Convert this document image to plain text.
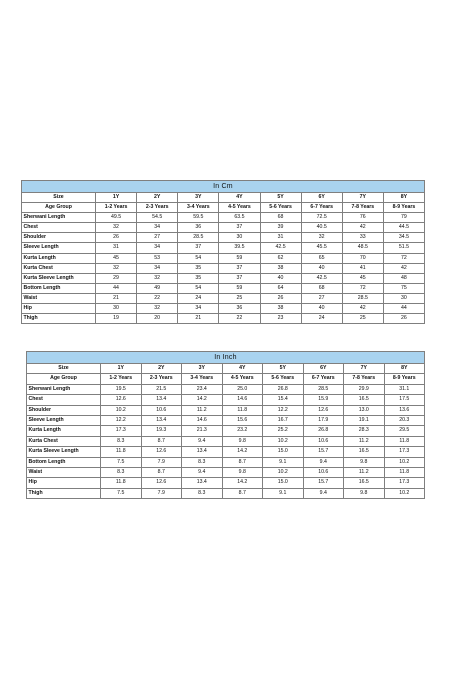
In Cm								
Size	1Y	2Y	3Y	4Y	5Y	6Y	7Y	8Y
Age Group	1-2 Years	2-3 Years	3-4 Years	4-5 Years	5-6 Years	6-7 Years	7-8 Years	8-9 Years
Sherwani Length	49.5	54.5	59.5	63.5	68	72.5	76	79
Chest	32	34	36	37	39	40.5	42	44.5
Shoulder	26	27	28.5	30	31	32	33	34.5
Sleeve Length	31	34	37	39.5	42.5	45.5	48.5	51.5
Kurta Length	45	53	54	59	62	65	70	72
Kurta Chest	32	34	35	37	38	40	41	42
Kurta Sleeve Length	29	32	35	37	40	42.5	45	48
Bottom Length	44	49	54	59	64	68	72	75
Waist	21	22	24	25	26	27	28.5	30
Hip	30	32	34	36	38	40	42	44
Thigh	19	20	21	22	23	24	25	26
In Inch								
Size	1Y	2Y	3Y	4Y	5Y	6Y	7Y	8Y
Age Group	1-2 Years	2-3 Years	3-4 Years	4-5 Years	5-6 Years	6-7 Years	7-8 Years	8-9 Years
Sherwani Length	19.5	21.5	23.4	25.0	26.8	28.5	29.9	31.1
Chest	12.6	13.4	14.2	14.6	15.4	15.9	16.5	17.5
Shoulder	10.2	10.6	11.2	11.8	12.2	12.6	13.0	13.6
Sleeve Length	12.2	13.4	14.6	15.6	16.7	17.9	19.1	20.3
Kurta Length	17.3	19.3	21.3	23.2	25.2	26.8	28.3	29.5
Kurta Chest	8.3	8.7	9.4	9.8	10.2	10.6	11.2	11.8
Kurta Sleeve Length	11.8	12.6	13.4	14.2	15.0	15.7	16.5	17.3
Bottom Length	7.5	7.9	8.3	8.7	9.1	9.4	9.8	10.2
Waist	8.3	8.7	9.4	9.8	10.2	10.6	11.2	11.8
Hip	11.8	12.6	13.4	14.2	15.0	15.7	16.5	17.3
Thigh	7.5	7.9	8.3	8.7	9.1	9.4	9.8	10.2
